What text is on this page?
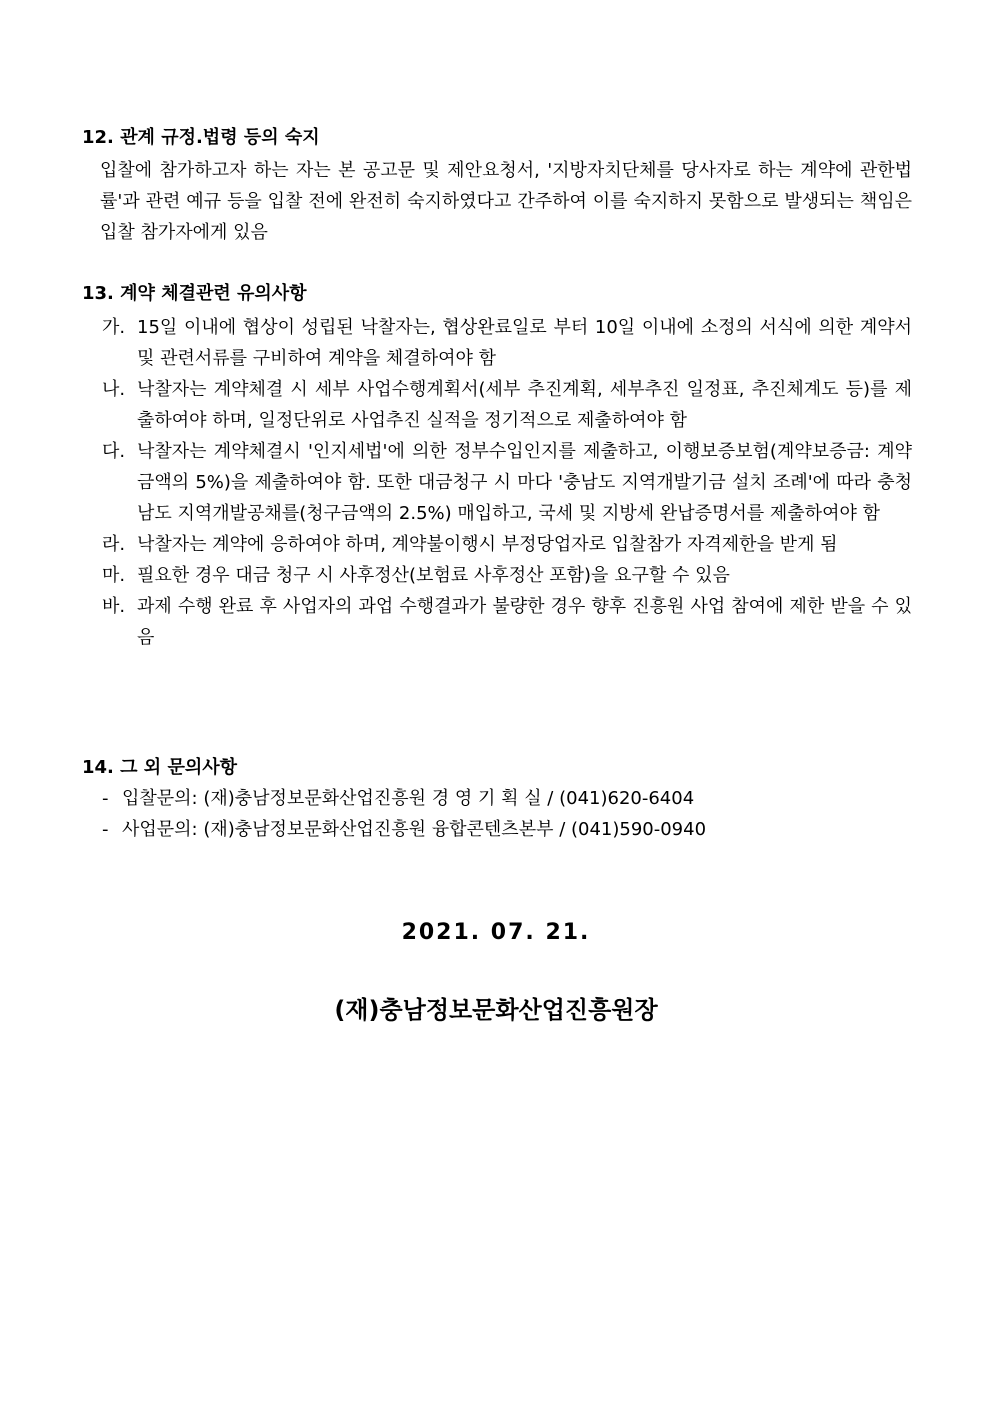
12. 관계 규정.법령 등의 숙지
입찰에 참가하고자 하는 자는 본 공고문 및 제안요청서, '지방자치단체를 당사자로 하는 계약에 관한법률'과 관련 예규 등을 입찰 전에 완전히 숙지하였다고 간주하여 이를 숙지하지 못함으로 발생되는 책임은 입찰 참가자에게 있음
13. 계약 체결관련 유의사항
가. 15일 이내에 협상이 성립된 낙찰자는, 협상완료일로 부터 10일 이내에 소정의 서식에 의한 계약서 및 관련서류를 구비하여 계약을 체결하여야 함
나. 낙찰자는 계약체결 시 세부 사업수행계획서(세부 추진계획, 세부추진 일정표, 추진체계도 등)를 제출하여야 하며, 일정단위로 사업추진 실적을 정기적으로 제출하여야 함
다. 낙찰자는 계약체결시 '인지세법'에 의한 정부수입인지를 제출하고, 이행보증보험(계약보증금: 계약금액의 5%)을 제출하여야 함. 또한 대금청구 시 마다 '충남도 지역개발기금 설치 조례'에 따라 충청남도 지역개발공채를(청구금액의 2.5%) 매입하고, 국세 및 지방세 완납증명서를 제출하여야 함
라. 낙찰자는 계약에 응하여야 하며, 계약불이행시 부정당업자로 입찰참가 자격제한을 받게 됨
마. 필요한 경우 대금 청구 시 사후정산(보험료 사후정산 포함)을 요구할 수 있음
바. 과제 수행 완료 후 사업자의 과업 수행결과가 불량한 경우 향후 진흥원 사업 참여에 제한 받을 수 있음
14. 그 외 문의사항
- 입찰문의: (재)충남정보문화산업진흥원 경 영 기 획 실 / (041)620-6404
- 사업문의: (재)충남정보문화산업진흥원 융합콘텐츠본부 / (041)590-0940
2021. 07. 21.
(재)충남정보문화산업진흥원장
